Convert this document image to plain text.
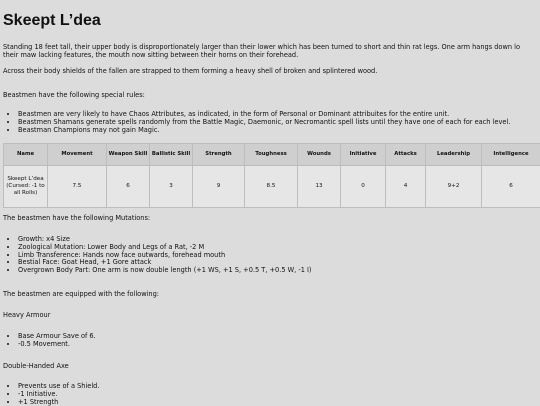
Skeept L’dea
Standing 18 feet tall, their upper body is disproportionately larger than their lower which has been turned to short and thin rat legs. One arm hangs down lo
their maw lacking features, the mouth now sitting between their horns on their forehead.
Across their body shields of the fallen are strapped to them forming a heavy shell of broken and splintered wood.
Beastmen have the following special rules:
• Beastmen are very likely to have Chaos Attributes, as indicated, in the form of Personal or Dominant attribuites for the entire unit.
• Beastmen Shamans generate spells randomly from the Battle Magic, Daemonic, or Necromantic spell lists until they have one of each for each level.
• Beastman Champions may not gain Magic.
Name	Movement	Weapon Skill	Ballistic Skill	Strength	Toughness	Wounds	Initiative	Attacks	Leadership	Intelligence
Skeept L’dea (Cursed: -1 to all Rolls)	7.5	6	3	9	8.5	13	0	4	9+2	6
The beastmen have the following Mutations:
• Growth: x4 Size
• Zoological Mutation: Lower Body and Legs of a Rat, -2 M
• Limb Transference: Hands now face outwards, forehead mouth
• Bestial Face: Goat Head, +1 Gore attack
• Overgrown Body Part: One arm is now double length (+1 WS, +1 S, +0.5 T, +0.5 W, -1 I)
The beastmen are equipped with the following:
Heavy Armour
• Base Armour Save of 6.
• -0.5 Movement.
Double-Handed Axe
• Prevents use of a Shield.
• -1 Initiative.
• +1 Strength
